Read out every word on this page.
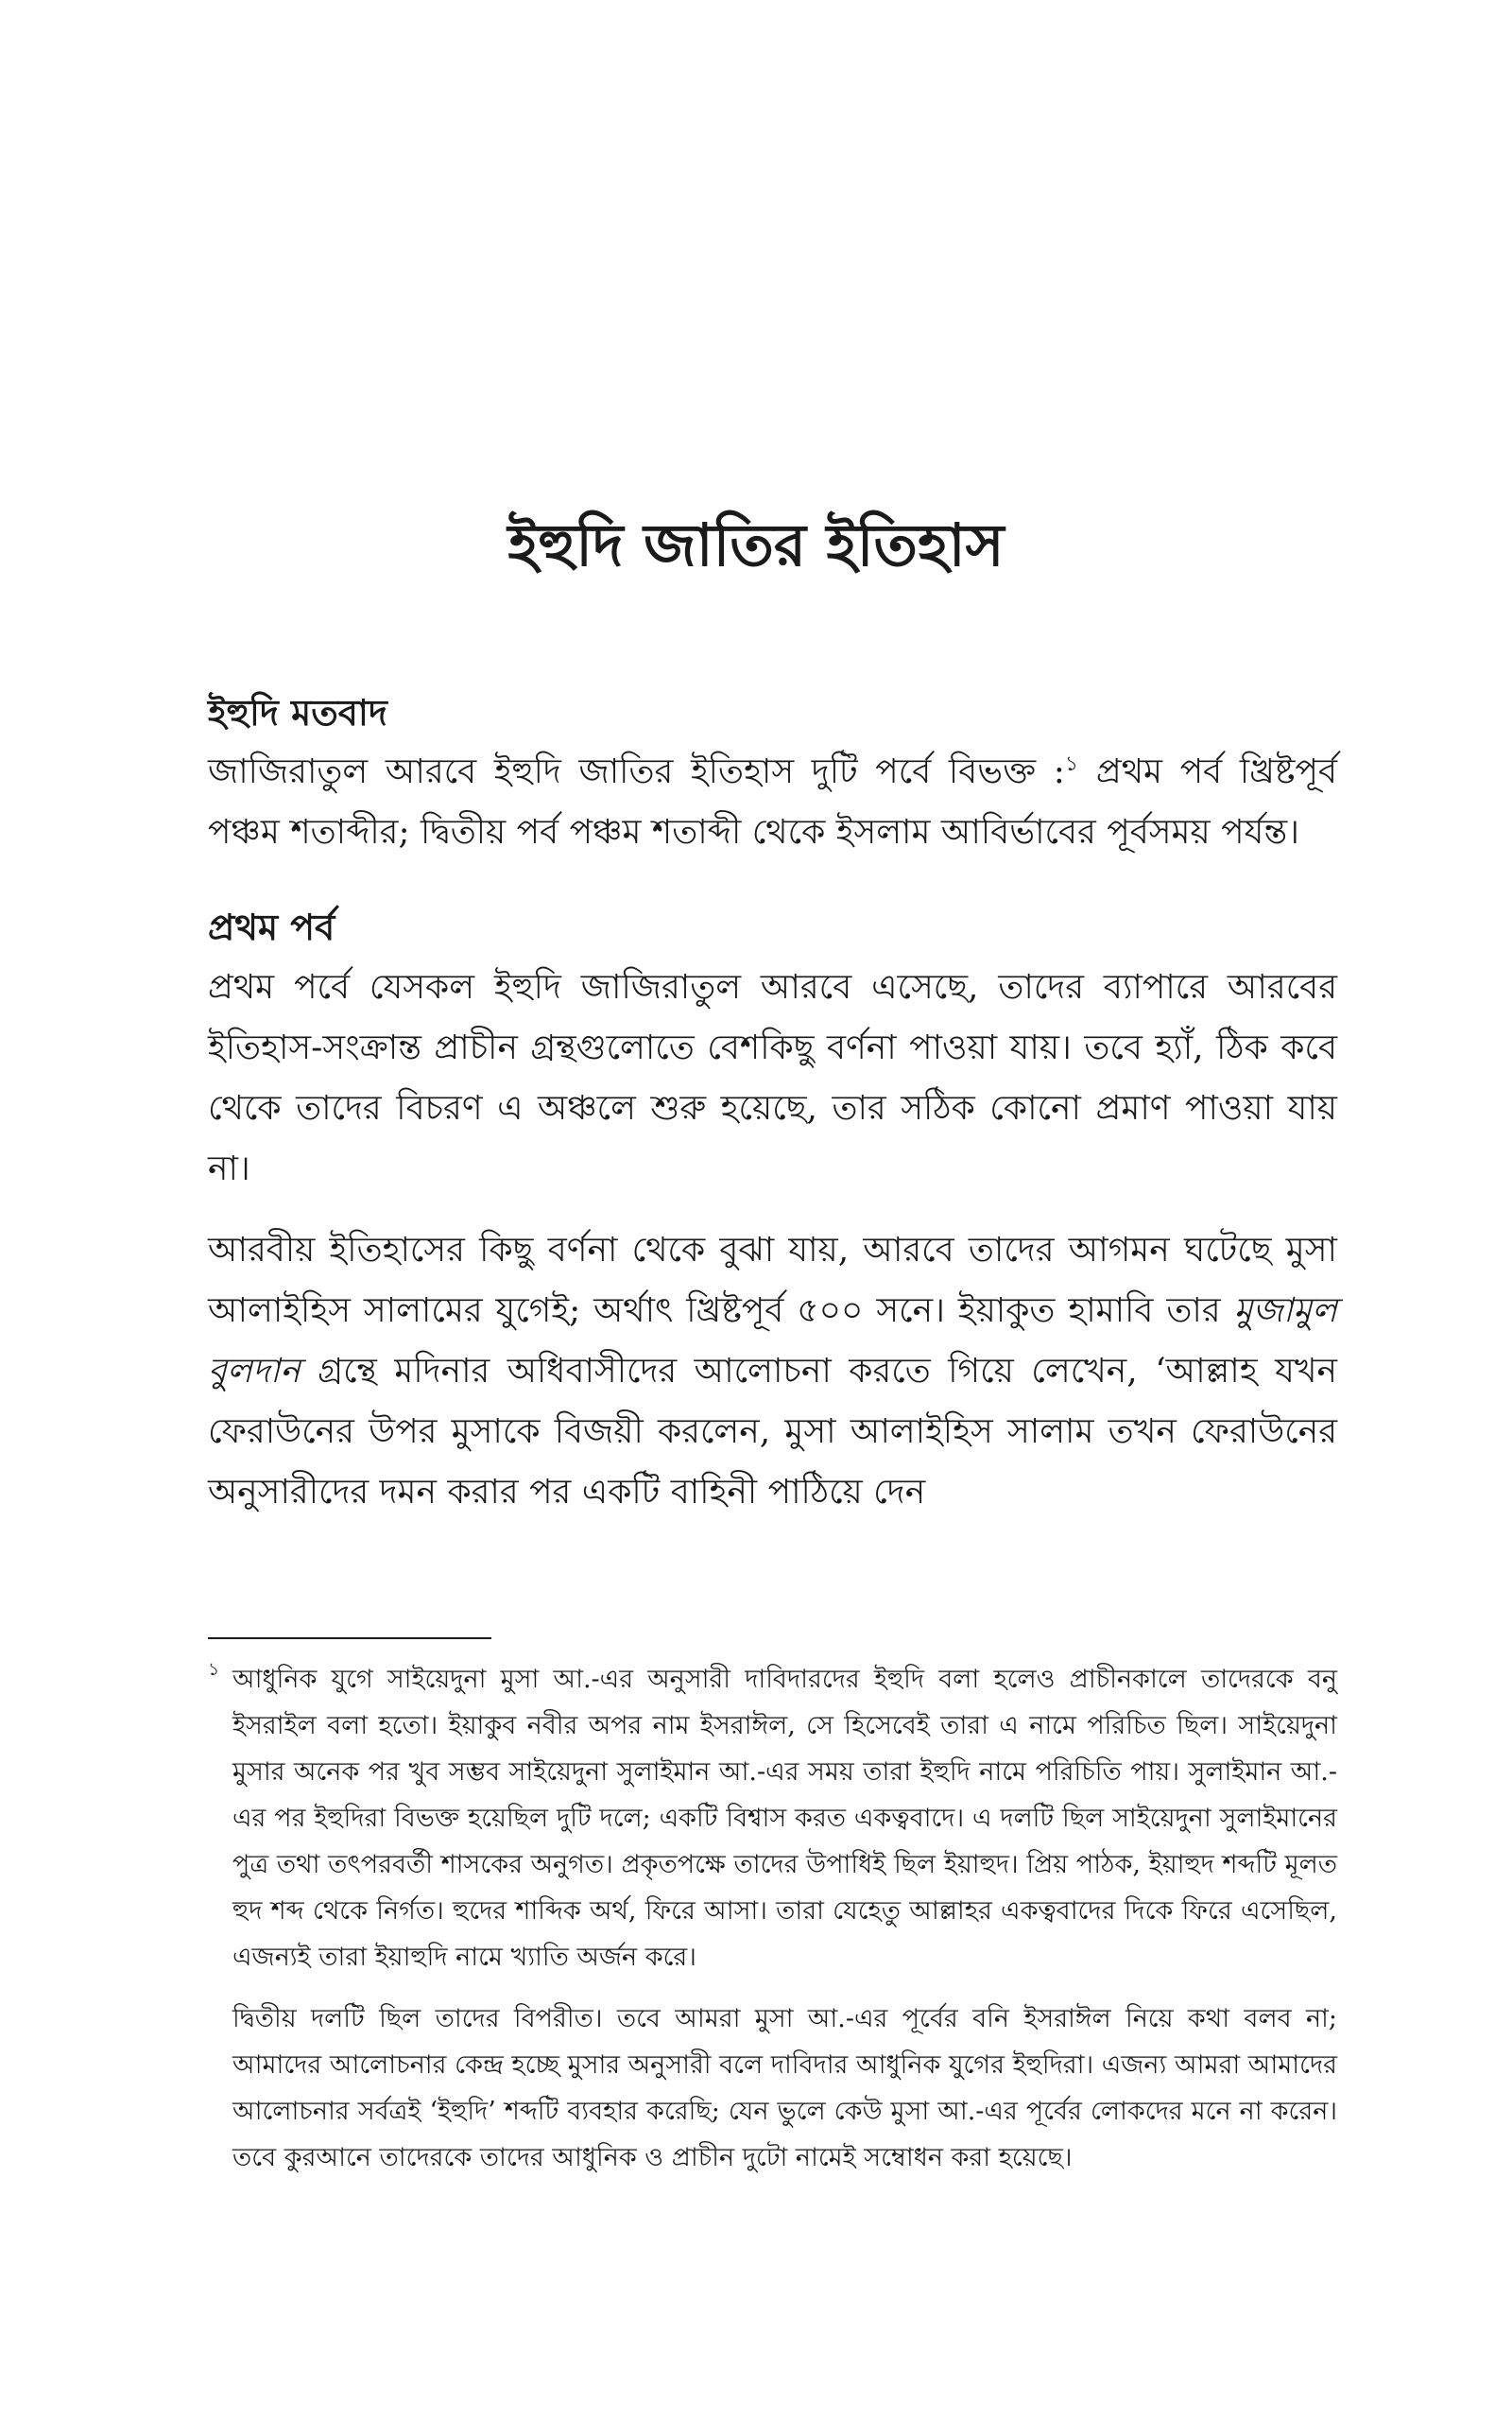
ইহুদি জাতির ইতিহাস
ইহুদি মতবাদ

জাজিরাতুল আরবে ইহুদি জাতির ইতিহাস দুটি পর্বে বিভক্ত :$^১$ প্রথম পর্ব খ্রিষ্টপূর্ব পঞ্চম শতাব্দীর; দ্বিতীয় পর্ব পঞ্চম শতাব্দী থেকে ইসলাম আবির্ভাবের পূর্বসময় পর্যন্ত।

প্রথম পর্ব

প্রথম পর্বে যেসকল ইহুদি জাজিরাতুল আরবে এসেছে, তাদের ব্যাপারে আরবের ইতিহাস-সংক্রান্ত প্রাচীন গ্রন্থগুলোতে বেশকিছু বর্ণনা পাওয়া যায়। তবে হ্যাঁ, ঠিক কবে থেকে তাদের বিচরণ এ অঞ্চলে শুরু হয়েছে, তার সঠিক কোনো প্রমাণ পাওয়া যায় না।

আরবীয় ইতিহাসের কিছু বর্ণনা থেকে বুঝা যায়, আরবে তাদের আগমন ঘটেছে মুসা আলাইহিস সালামের যুগেই; অর্থাৎ খ্রিষ্টপূর্ব ৫০০ সনে। ইয়াকুত হামাবি তার মুজামুল বুলদান গ্রন্থে মদিনার অধিবাসীদের আলোচনা করতে গিয়ে লেখেন, ‘আল্লাহ যখন ফেরাউনের উপর মুসাকে বিজয়ী করলেন, মুসা আলাইহিস সালাম তখন ফেরাউনের অনুসারীদের দমন করার পর একটি বাহিনী পাঠিয়ে দেন

১ আধুনিক যুগে সাইয়েদুনা মুসা আ.-এর অনুসারী দাবিদারদের ইহুদি বলা হলেও প্রাচীনকালে তাদেরকে বনু ইসরাইল বলা হতো। ইয়াকুব নবীর অপর নাম ইসরাঈল, সে হিসেবেই তারা এ নামে পরিচিত ছিল। সাইয়েদুনা মুসার অনেক পর খুব সম্ভব সাইয়েদুনা সুলাইমান আ.-এর সময় তারা ইহুদি নামে পরিচিতি পায়। সুলাইমান আ.-এর পর ইহুদিরা বিভক্ত হয়েছিল দুটি দলে; একটি বিশ্বাস করত একত্ববাদে। এ দলটি ছিল সাইয়েদুনা সুলাইমানের পুত্র তথা তৎপরবর্তী শাসকের অনুগত। প্রকৃতপক্ষে তাদের উপাধিই ছিল ইয়াহুদ। প্রিয় পাঠক, ইয়াহুদ শব্দটি মূলত হুদ শব্দ থেকে নির্গত। হুদের শাব্দিক অর্থ, ফিরে আসা। তারা যেহেতু আল্লাহর একত্ববাদের দিকে ফিরে এসেছিল, এজন্যই তারা ইয়াহুদি নামে খ্যাতি অর্জন করে।

দ্বিতীয় দলটি ছিল তাদের বিপরীত। তবে আমরা মুসা আ.-এর পূর্বের বনি ইসরাঈল নিয়ে কথা বলব না; আমাদের আলোচনার কেন্দ্র হচ্ছে মুসার অনুসারী বলে দাবিদার আধুনিক যুগের ইহুদিরা। এজন্য আমরা আমাদের আলোচনার সর্বত্রই ‘ইহুদি’ শব্দটি ব্যবহার করেছি; যেন ভুলে কেউ মুসা আ.-এর পূর্বের লোকদের মনে না করেন। তবে কুরআনে তাদেরকে তাদের আধুনিক ও প্রাচীন দুটো নামেই সম্বোধন করা হয়েছে।
